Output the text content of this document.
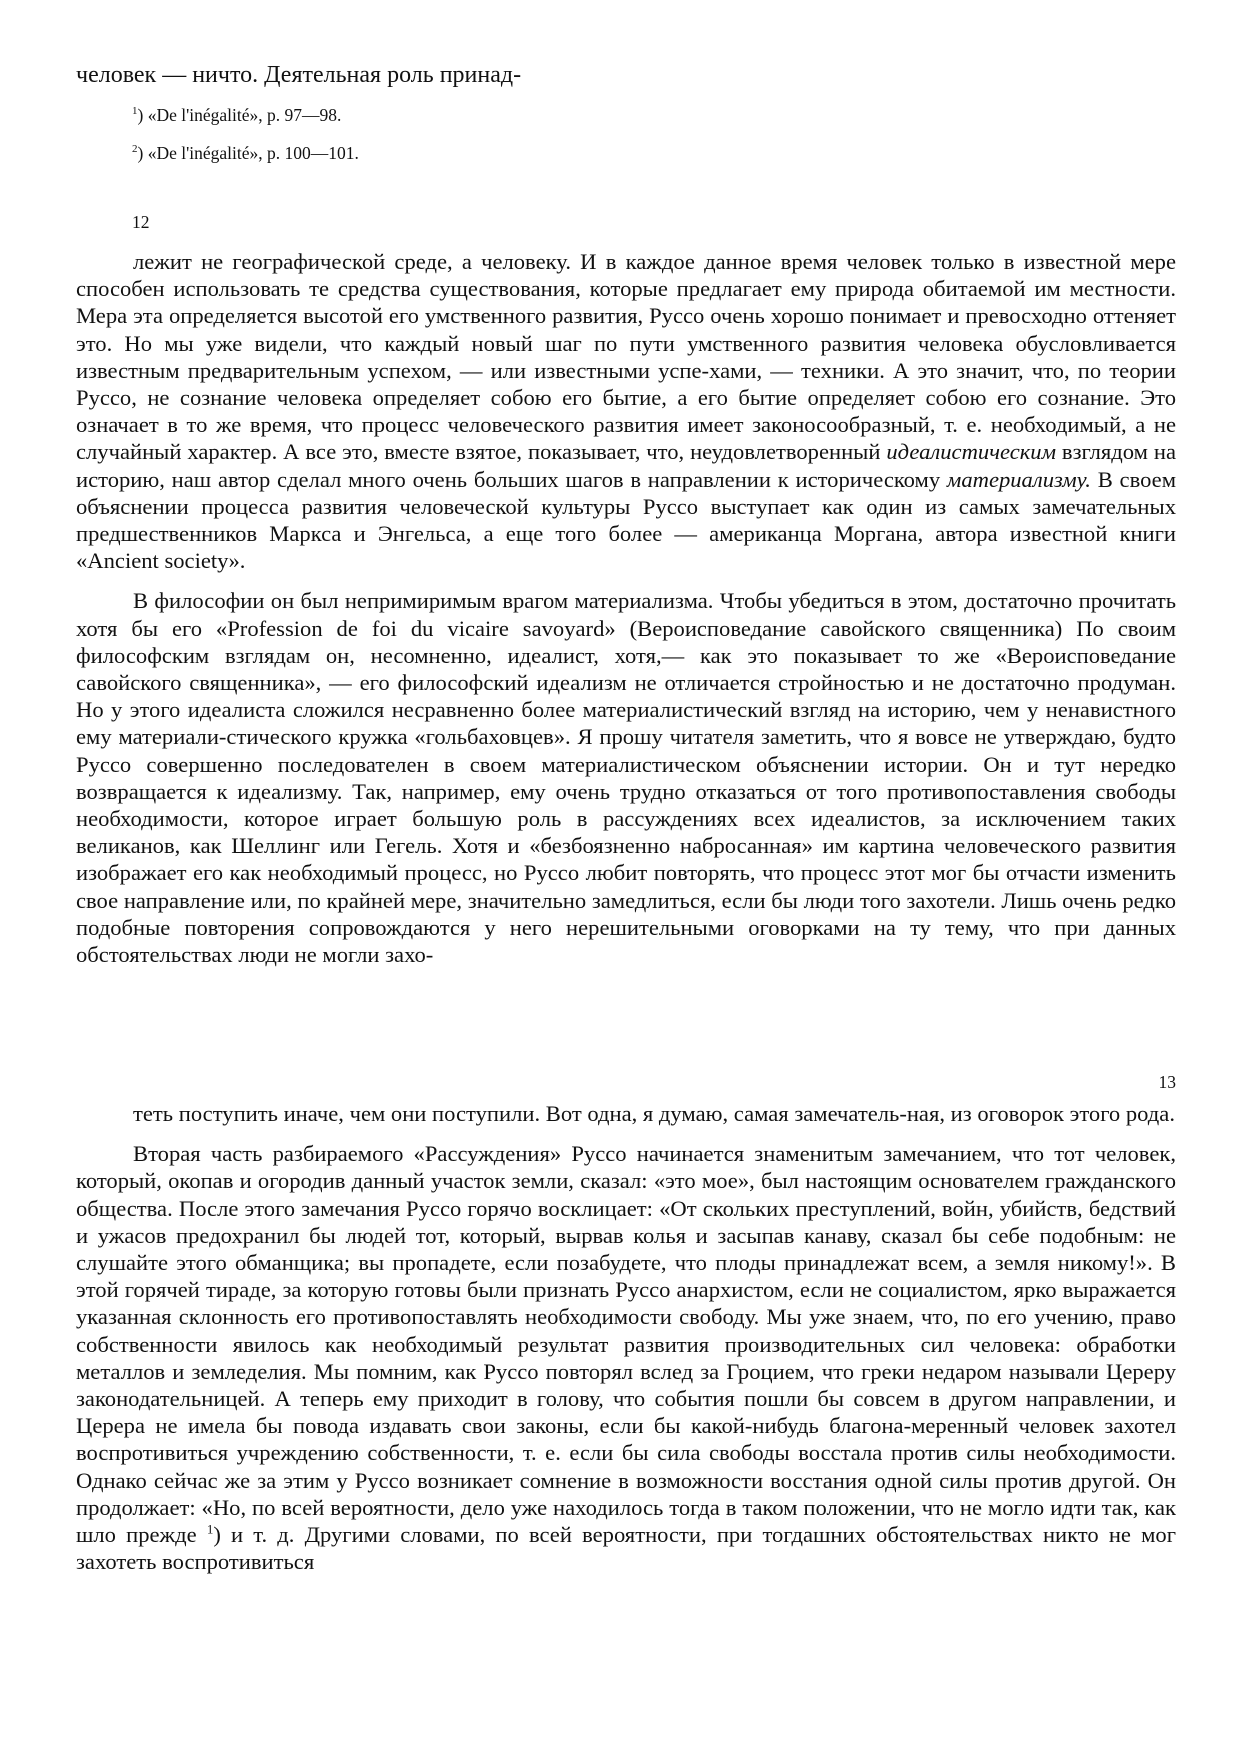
человек — ничто. Деятельная роль принад-
$^1$) «De l'inégalité», p. 97—98.
$^2$) «De l'inégalité», p. 100—101.
12

лежит не географической среде, а человеку. И в каждое данное время человек только в известной мере способен использовать те средства существования, которые предлагает ему природа обитаемой им местности. Мера эта определяется высотой его умственного развития, Руссо очень хорошо понимает и превосходно оттеняет это. Но мы уже видели, что каждый новый шаг по пути умственного развития человека обусловливается известным предварительным успехом, — или известными успе-хами, — техники. А это значит, что, по теории Руссо, не сознание человека определяет собою его бытие, а его бытие определяет собою его сознание. Это означает в то же время, что процесс человеческого развития имеет законосообразный, т. е. необходимый, а не случайный характер. А все это, вместе взятое, показывает, что, неудовлетворенный идеалистическим взглядом на историю, наш автор сделал много очень больших шагов в направлении к историческому материализму. В своем объяснении процесса развития человеческой культуры Руссо выступает как один из самых замечательных предшественников Маркса и Энгельса, а еще того более — американца Моргана, автора известной книги «Ancient society».

В философии он был непримиримым врагом материализма. Чтобы убедиться в этом, достаточно прочитать хотя бы его «Profession de foi du vicaire savoyard» (Вероисповедание савойского священника) По своим философским взглядам он, несомненно, идеалист, хотя,— как это показывает то же «Вероисповедание савойского священника», — его философский идеализм не отличается стройностью и не достаточно продуман. Но у этого идеалиста сложился несравненно более материалистический взгляд на историю, чем у ненавистного ему материали-стического кружка «гольбаховцев». Я прошу читателя заметить, что я вовсе не утверждаю, будто Руссо совершенно последователен в своем материалистическом объяснении истории. Он и тут нередко возвращается к идеализму. Так, например, ему очень трудно отказаться от того противопоставления свободы необходимости, которое играет большую роль в рассуждениях всех идеалистов, за исключением таких великанов, как Шеллинг или Гегель. Хотя и «безбоязненно набросанная» им картина человеческого развития изображает его как необходимый процесс, но Руссо любит повторять, что процесс этот мог бы отчасти изменить свое направление или, по крайней мере, значительно замедлиться, если бы люди того захотели. Лишь очень редко подобные повторения сопровождаются у него нерешительными оговорками на ту тему, что при данных обстоятельствах люди не могли захо-

13

теть поступить иначе, чем они поступили. Вот одна, я думаю, самая замечатель-ная, из оговорок этого рода.

Вторая часть разбираемого «Рассуждения» Руссо начинается знаменитым замечанием, что тот человек, который, окопав и огородив данный участок земли, сказал: «это мое», был настоящим основателем гражданского общества. После этого замечания Руссо горячо восклицает: «От скольких преступлений, войн, убийств, бедствий и ужасов предохранил бы людей тот, который, вырвав колья и засыпав канаву, сказал бы себе подобным: не слушайте этого обманщика; вы пропадете, если позабудете, что плоды принадлежат всем, а земля никому!». В этой горячей тираде, за которую готовы были признать Руссо анархистом, если не социалистом, ярко выражается указанная склонность его противопоставлять необходимости свободу. Мы уже знаем, что, по его учению, право собственности явилось как необходимый результат развития производительных сил человека: обработки металлов и земледелия. Мы помним, как Руссо повторял вслед за Гроцием, что греки недаром называли Цереру законодательницей. А теперь ему приходит в голову, что события пошли бы совсем в другом направлении, и Церера не имела бы повода издавать свои законы, если бы какой-нибудь благона-меренный человек захотел воспротивиться учреждению собственности, т. е. если бы сила свободы восстала против силы необходимости. Однако сейчас же за этим у Руссо возникает сомнение в возможности восстания одной силы против другой. Он продолжает: «Но, по всей вероятности, дело уже находилось тогда в таком положении, что не могло идти так, как шло прежде $^1$) и т. д. Другими словами, по всей вероятности, при тогдашних обстоятельствах никто не мог захотеть воспротивиться
